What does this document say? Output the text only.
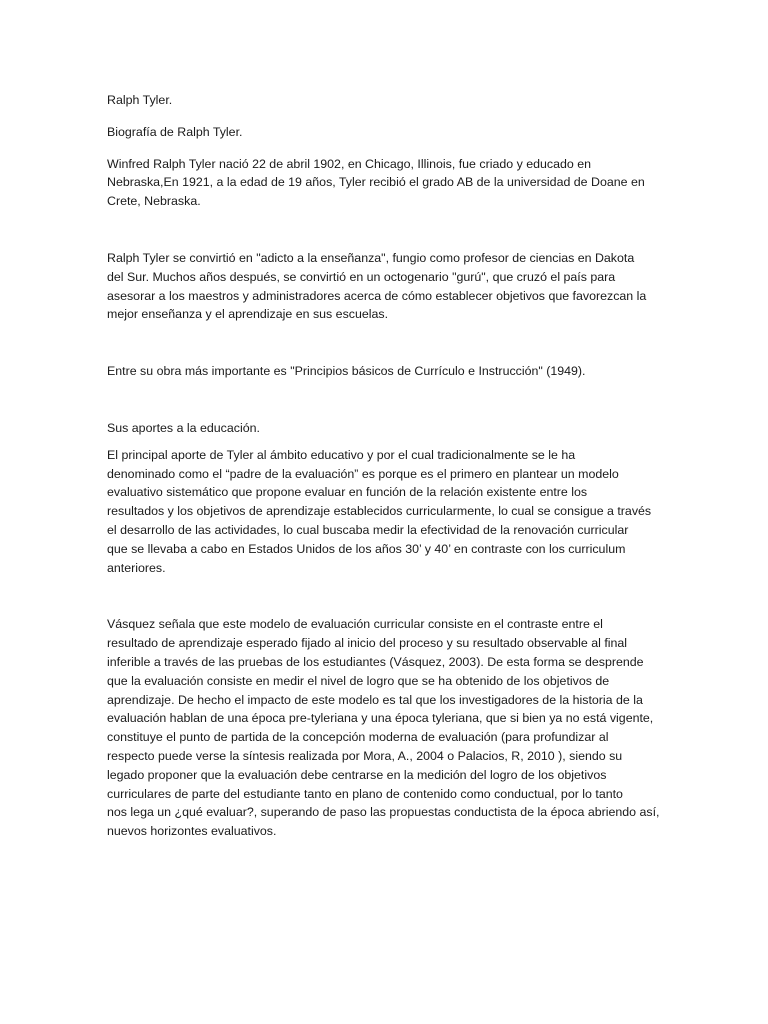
Ralph Tyler.

Biografía de Ralph Tyler.

Winfred Ralph Tyler nació 22 de abril 1902, en Chicago, Illinois, fue criado y educado en
Nebraska,En 1921, a la edad de 19 años, Tyler recibió el grado AB de la universidad de Doane en
Crete, Nebraska.

Ralph Tyler se convirtió en "adicto a la enseñanza", fungio como profesor de ciencias en Dakota
del Sur. Muchos años después, se convirtió en un octogenario "gurú", que cruzó el país para
asesorar a los maestros y administradores acerca de cómo establecer objetivos que favorezcan la
mejor enseñanza y el aprendizaje en sus escuelas.

Entre su obra más importante es "Principios básicos de Currículo e Instrucción" (1949).

Sus aportes a la educación.

El principal aporte de Tyler al ámbito educativo y por el cual tradicionalmente se le ha
denominado como el “padre de la evaluación” es porque es el primero en plantear un modelo
evaluativo sistemático que propone evaluar en función de la relación existente entre los
resultados y los objetivos de aprendizaje establecidos curricularmente, lo cual se consigue a través
el desarrollo de las actividades, lo cual buscaba medir la efectividad de la renovación curricular
que se llevaba a cabo en Estados Unidos de los años 30’ y 40’ en contraste con los curriculum
anteriores.

Vásquez señala que este modelo de evaluación curricular consiste en el contraste entre el
resultado de aprendizaje esperado fijado al inicio del proceso y su resultado observable al final
inferible a través de las pruebas de los estudiantes (Vásquez, 2003). De esta forma se desprende
que la evaluación consiste en medir el nivel de logro que se ha obtenido de los objetivos de
aprendizaje. De hecho el impacto de este modelo es tal que los investigadores de la historia de la
evaluación hablan de una época pre-tyleriana y una época tyleriana, que si bien ya no está vigente,
constituye el punto de partida de la concepción moderna de evaluación (para profundizar al
respecto puede verse la síntesis realizada por Mora, A., 2004 o Palacios, R, 2010 ), siendo su
legado proponer que la evaluación debe centrarse en la medición del logro de los objetivos
curriculares de parte del estudiante tanto en plano de contenido como conductual, por lo tanto
nos lega un ¿qué evaluar?, superando de paso las propuestas conductista de la época abriendo así,
nuevos horizontes evaluativos.
